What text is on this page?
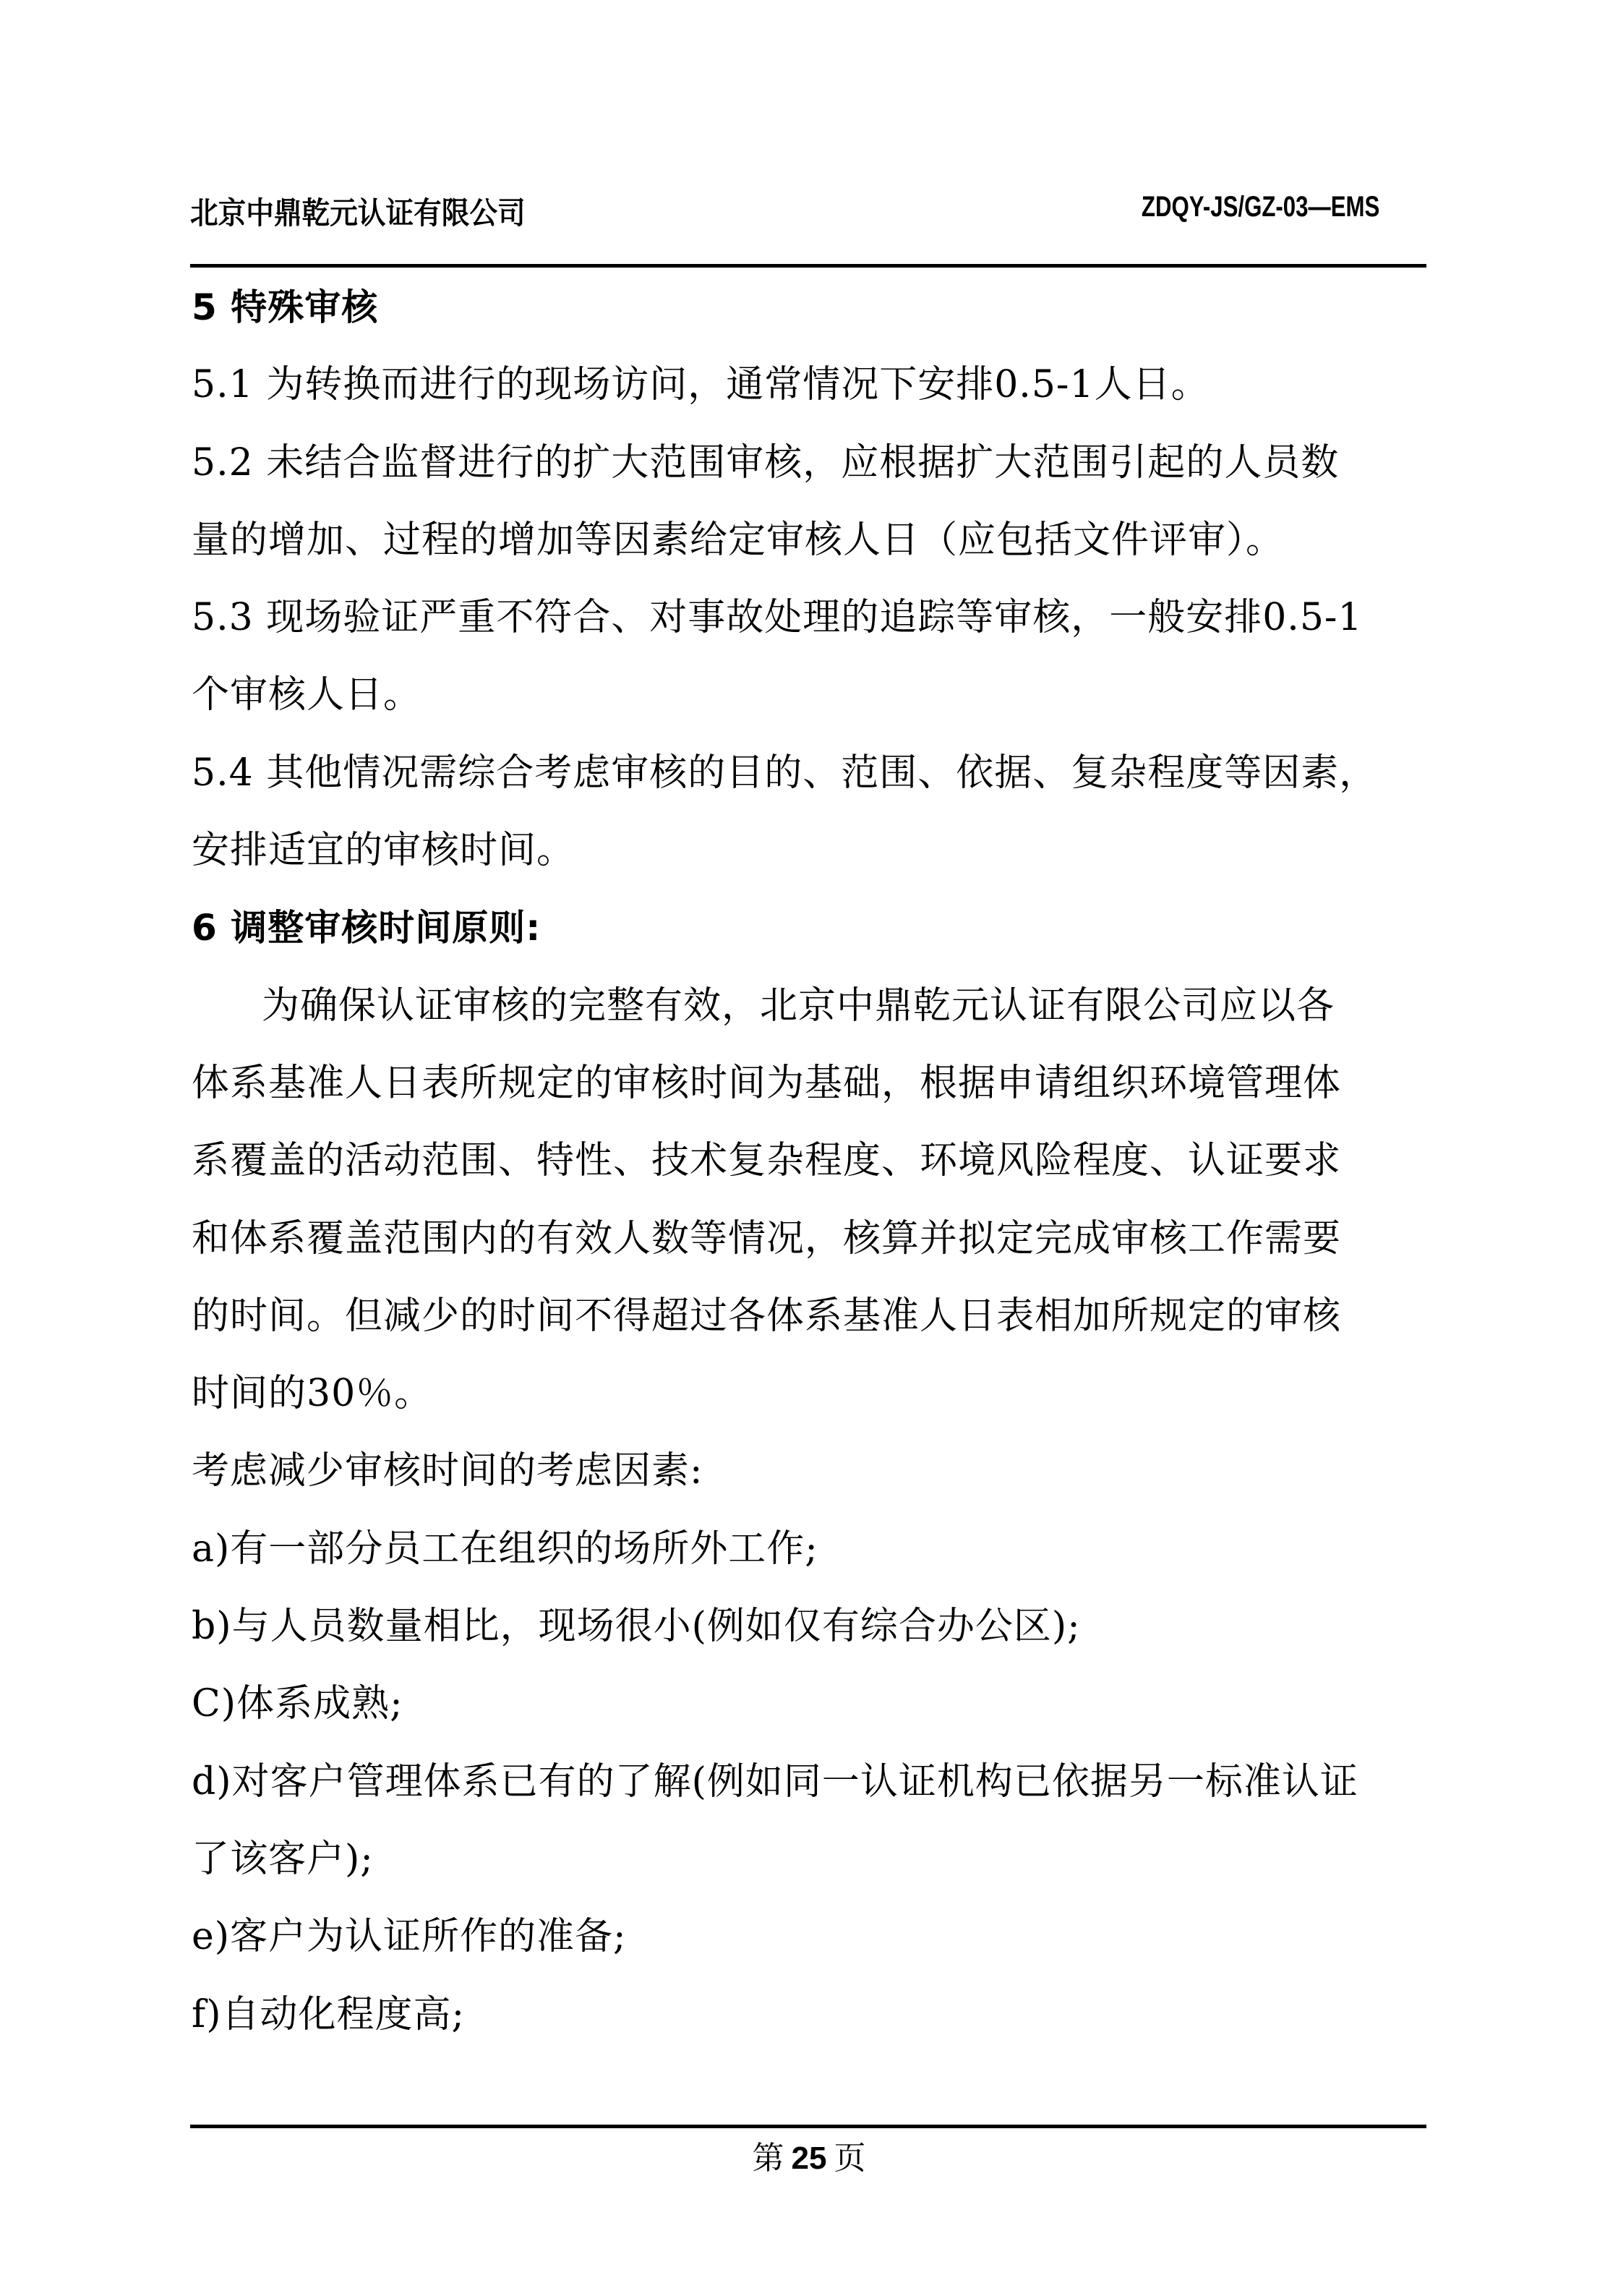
北京中鼎乾元认证有限公司	ZDQY-JS/GZ-03—EMS
5 特殊审核
5.1 为转换而进行的现场访问，通常情况下安排0.5-1人日。
5.2 未结合监督进行的扩大范围审核，应根据扩大范围引起的人员数
量的增加、过程的增加等因素给定审核人日（应包括文件评审）。
5.3 现场验证严重不符合、对事故处理的追踪等审核，一般安排0.5-1
个审核人日。
5.4 其他情况需综合考虑审核的目的、范围、依据、复杂程度等因素，
安排适宜的审核时间。
6 调整审核时间原则:
为确保认证审核的完整有效，北京中鼎乾元认证有限公司应以各
体系基准人日表所规定的审核时间为基础，根据申请组织环境管理体
系覆盖的活动范围、特性、技术复杂程度、环境风险程度、认证要求
和体系覆盖范围内的有效人数等情况，核算并拟定完成审核工作需要
的时间。但减少的时间不得超过各体系基准人日表相加所规定的审核
时间的30％。
考虑减少审核时间的考虑因素:
a)有一部分员工在组织的场所外工作;
b)与人员数量相比，现场很小(例如仅有综合办公区);
C)体系成熟;
d)对客户管理体系已有的了解(例如同一认证机构已依据另一标准认证
了该客户);
e)客户为认证所作的准备;
f)自动化程度高;
第 25 页
